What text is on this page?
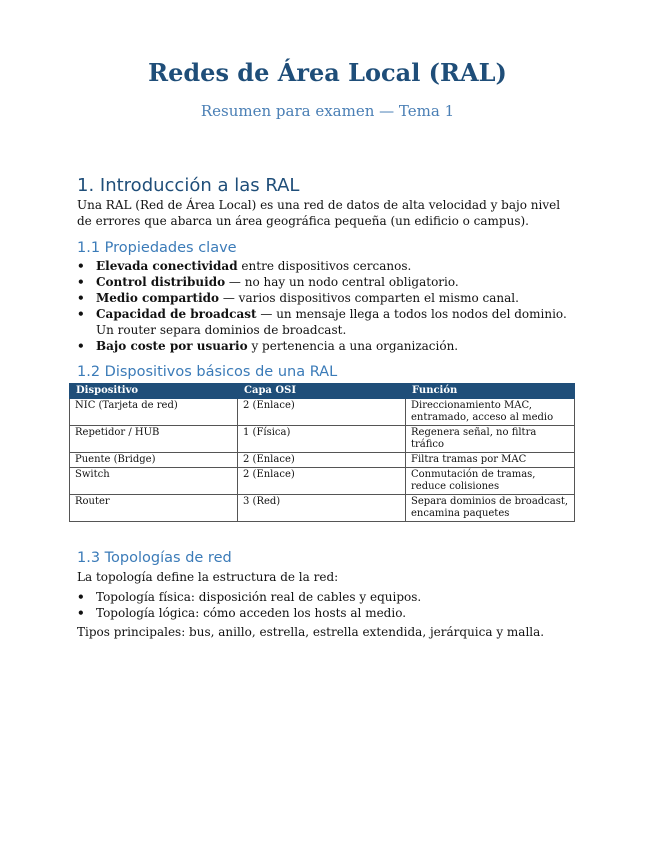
Redes de Área Local (RAL)
Resumen para examen — Tema 1
1. Introducción a las RAL
Una RAL (Red de Área Local) es una red de datos de alta velocidad y bajo nivel de errores que abarca un área geográfica pequeña (un edificio o campus).
1.1 Propiedades clave
• Elevada conectividad entre dispositivos cercanos.
• Control distribuido — no hay un nodo central obligatorio.
• Medio compartido — varios dispositivos comparten el mismo canal.
• Capacidad de broadcast — un mensaje llega a todos los nodos del dominio. Un router separa dominios de broadcast.
• Bajo coste por usuario y pertenencia a una organización.
1.2 Dispositivos básicos de una RAL
Dispositivo	Capa OSI	Función
NIC (Tarjeta de red)	2 (Enlace)	Direccionamiento MAC, entramado, acceso al medio
Repetidor / HUB	1 (Física)	Regenera señal, no filtra tráfico
Puente (Bridge)	2 (Enlace)	Filtra tramas por MAC
Switch	2 (Enlace)	Conmutación de tramas, reduce colisiones
Router	3 (Red)	Separa dominios de broadcast, encamina paquetes
1.3 Topologías de red
La topología define la estructura de la red:
• Topología física: disposición real de cables y equipos.
• Topología lógica: cómo acceden los hosts al medio.
Tipos principales: bus, anillo, estrella, estrella extendida, jerárquica y malla.
